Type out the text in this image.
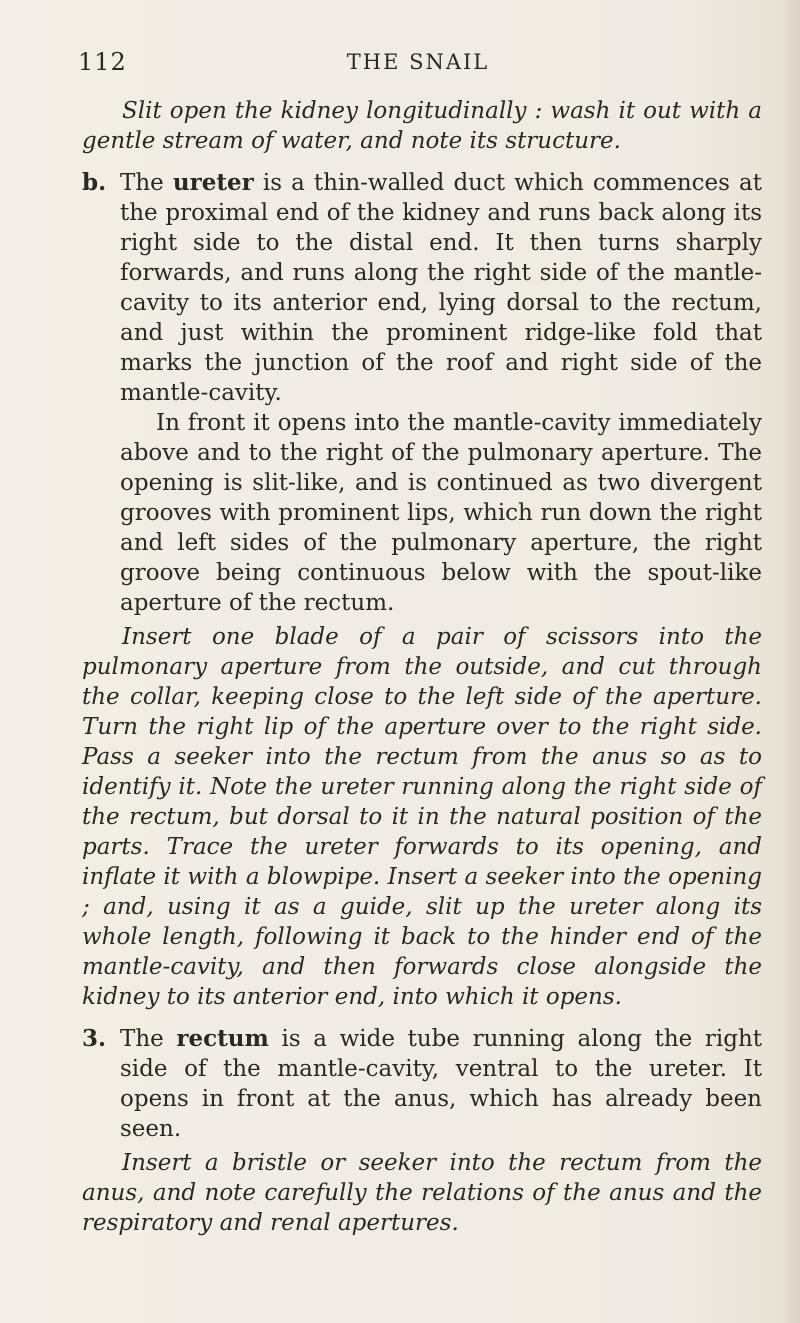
112	THE SNAIL

Slit open the kidney longitudinally : wash it out with a gentle stream of water, and note its structure.

b. The ureter is a thin-walled duct which commences at the proximal end of the kidney and runs back along its right side to the distal end. It then turns sharply forwards, and runs along the right side of the mantle-cavity to its anterior end, lying dorsal to the rectum, and just within the prominent ridge-like fold that marks the junction of the roof and right side of the mantle-cavity.

In front it opens into the mantle-cavity immediately above and to the right of the pulmonary aperture. The opening is slit-like, and is continued as two divergent grooves with prominent lips, which run down the right and left sides of the pulmonary aperture, the right groove being continuous below with the spout-like aperture of the rectum.

Insert one blade of a pair of scissors into the pulmonary aperture from the outside, and cut through the collar, keeping close to the left side of the aperture. Turn the right lip of the aperture over to the right side. Pass a seeker into the rectum from the anus so as to identify it. Note the ureter running along the right side of the rectum, but dorsal to it in the natural position of the parts. Trace the ureter forwards to its opening, and inflate it with a blowpipe. Insert a seeker into the opening ; and, using it as a guide, slit up the ureter along its whole length, following it back to the hinder end of the mantle-cavity, and then forwards close alongside the kidney to its anterior end, into which it opens.

3. The rectum is a wide tube running along the right side of the mantle-cavity, ventral to the ureter. It opens in front at the anus, which has already been seen.

Insert a bristle or seeker into the rectum from the anus, and note carefully the relations of the anus and the respiratory and renal apertures.
